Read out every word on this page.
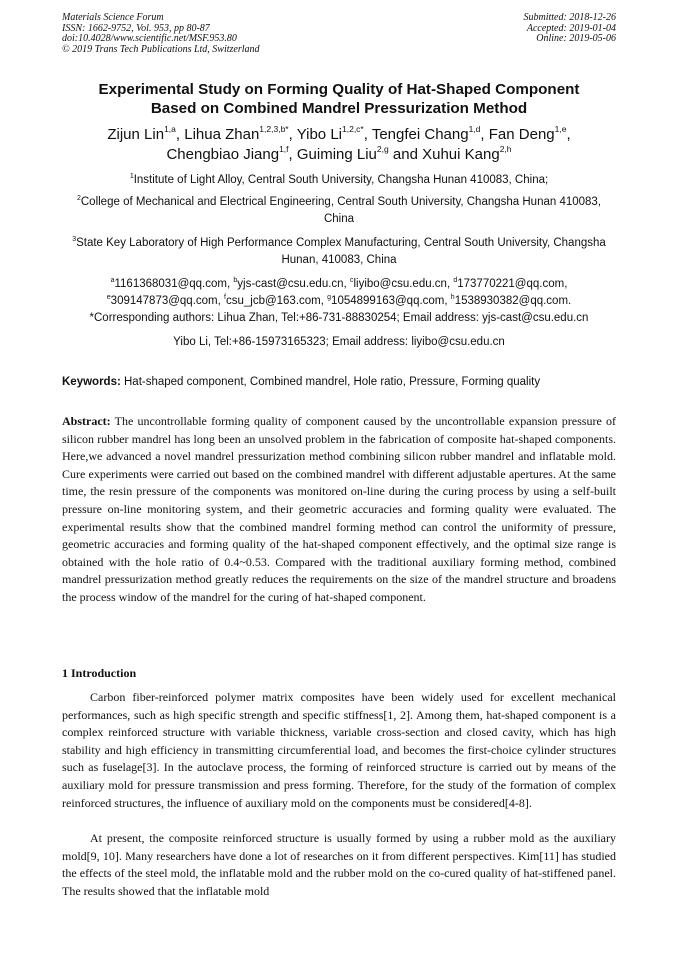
Materials Science Forum
ISSN: 1662-9752, Vol. 953, pp 80-87
doi:10.4028/www.scientific.net/MSF.953.80
© 2019 Trans Tech Publications Ltd, Switzerland
Submitted: 2018-12-26
Accepted: 2019-01-04
Online: 2019-05-06
Experimental Study on Forming Quality of Hat-Shaped Component
Based on Combined Mandrel Pressurization Method
Zijun Lin$^{1,a}$, Lihua Zhan$^{1,2,3,b*}$, Yibo $Li^{1,2,c*}$, Tengfei Chang$^{1,d}$, Fan Deng$^{1,e}$,
Chengbiao Jiang$^{1,f}$, Guiming Liu$^{2,g}$ and Xuhui Kang$^{2,h}$
$^1$Institute of Light Alloy, Central South University, Changsha Hunan 410083, China;
$^2$College of Mechanical and Electrical Engineering, Central South University, Changsha Hunan 410083, China
$^3$State Key Laboratory of High Performance Complex Manufacturing, Central South University, Changsha Hunan, 410083, China
$^a$1161368031@qq.com, $^b$yjs-cast@csu.edu.cn, $^c$liyibo@csu.edu.cn, $^d$173770221@qq.com,
$^e$309147873@qq.com, $^f$csu_jcb@163.com, $^g$1054899163@qq.com, $^h$1538930382@qq.com.
*Corresponding authors: Lihua Zhan, Tel:+86-731-88830254; Email address: yjs-cast@csu.edu.cn
Yibo Li, Tel:+86-15973165323; Email address: liyibo@csu.edu.cn
Keywords: Hat-shaped component, Combined mandrel, Hole ratio, Pressure, Forming quality
Abstract: The uncontrollable forming quality of component caused by the uncontrollable expansion pressure of silicon rubber mandrel has long been an unsolved problem in the fabrication of composite hat-shaped components. Here,we advanced a novel mandrel pressurization method combining silicon rubber mandrel and inflatable mold. Cure experiments were carried out based on the combined mandrel with different adjustable apertures. At the same time, the resin pressure of the components was monitored on-line during the curing process by using a self-built pressure on-line monitoring system, and their geometric accuracies and forming quality were evaluated. The experimental results show that the combined mandrel forming method can control the uniformity of pressure, geometric accuracies and forming quality of the hat-shaped component effectively, and the optimal size range is obtained with the hole ratio of 0.4~0.53. Compared with the traditional auxiliary forming method, combined mandrel pressurization method greatly reduces the requirements on the size of the mandrel structure and broadens the process window of the mandrel for the curing of hat-shaped component.
1 Introduction
Carbon fiber-reinforced polymer matrix composites have been widely used for excellent mechanical performances, such as high specific strength and specific stiffness[1, 2]. Among them, hat-shaped component is a complex reinforced structure with variable thickness, variable cross-section and closed cavity, which has high stability and high efficiency in transmitting circumferential load, and becomes the first-choice cylinder structures such as fuselage[3]. In the autoclave process, the forming of reinforced structure is carried out by means of the auxiliary mold for pressure transmission and press forming. Therefore, for the study of the formation of complex reinforced structures, the influence of auxiliary mold on the components must be considered[4-8].
At present, the composite reinforced structure is usually formed by using a rubber mold as the auxiliary mold[9, 10]. Many researchers have done a lot of researches on it from different perspectives. Kim[11] has studied the effects of the steel mold, the inflatable mold and the rubber mold on the co-cured quality of hat-stiffened panel. The results showed that the inflatable mold
